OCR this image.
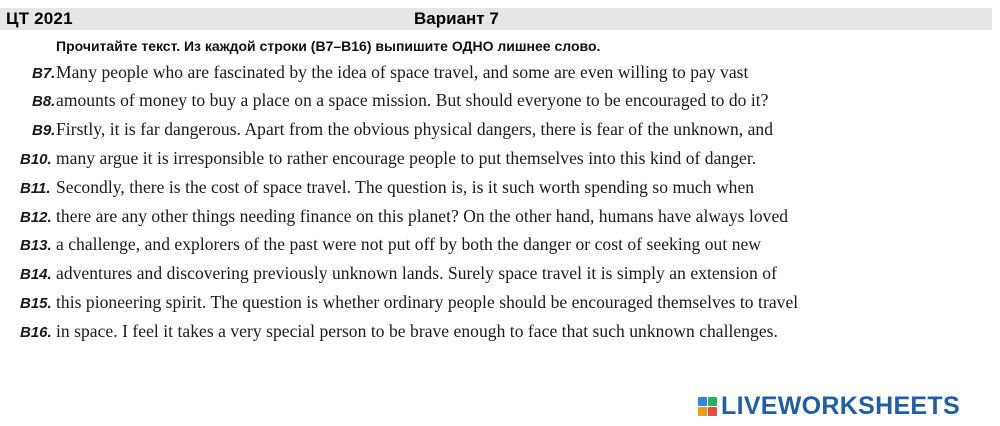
ЦТ 2021	Вариант 7
Прочитайте текст. Из каждой строки (B7–B16) выпишите ОДНО лишнее слово.
B7. Many people who are fascinated by the idea of space travel, and some are even willing to pay vast
B8. amounts of money to buy a place on a space mission. But should everyone to be encouraged to do it?
B9. Firstly, it is far dangerous. Apart from the obvious physical dangers, there is fear of the unknown, and
B10. many argue it is irresponsible to rather encourage people to put themselves into this kind of danger.
B11. Secondly, there is the cost of space travel. The question is, is it such worth spending so much when
B12. there are any other things needing finance on this planet? On the other hand, humans have always loved
B13. a challenge, and explorers of the past were not put off by both the danger or cost of seeking out new
B14. adventures and discovering previously unknown lands. Surely space travel it is simply an extension of
B15. this pioneering spirit. The question is whether ordinary people should be encouraged themselves to travel
B16. in space. I feel it takes a very special person to be brave enough to face that such unknown challenges.
LIVEWORKSHEETS
